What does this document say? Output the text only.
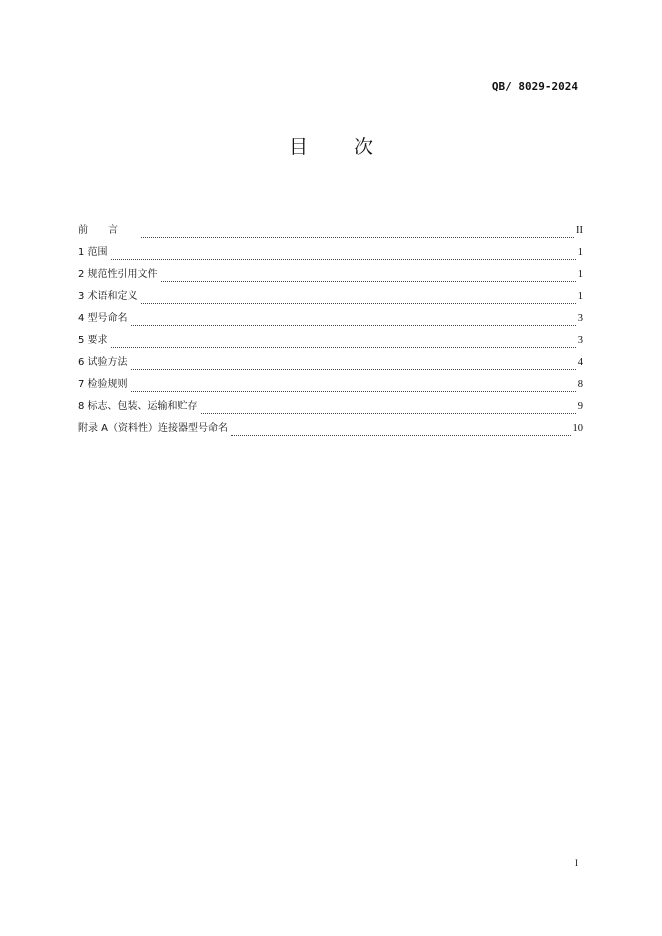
QB/ 8029-2024
目 次
前言	II
1 范围	1
2 规范性引用文件	1
3 术语和定义	1
4 型号命名	3
5 要求	3
6 试验方法	4
7 检验规则	8
8 标志、包装、运输和贮存	9
附录 A（资料性）连接器型号命名	10
I
